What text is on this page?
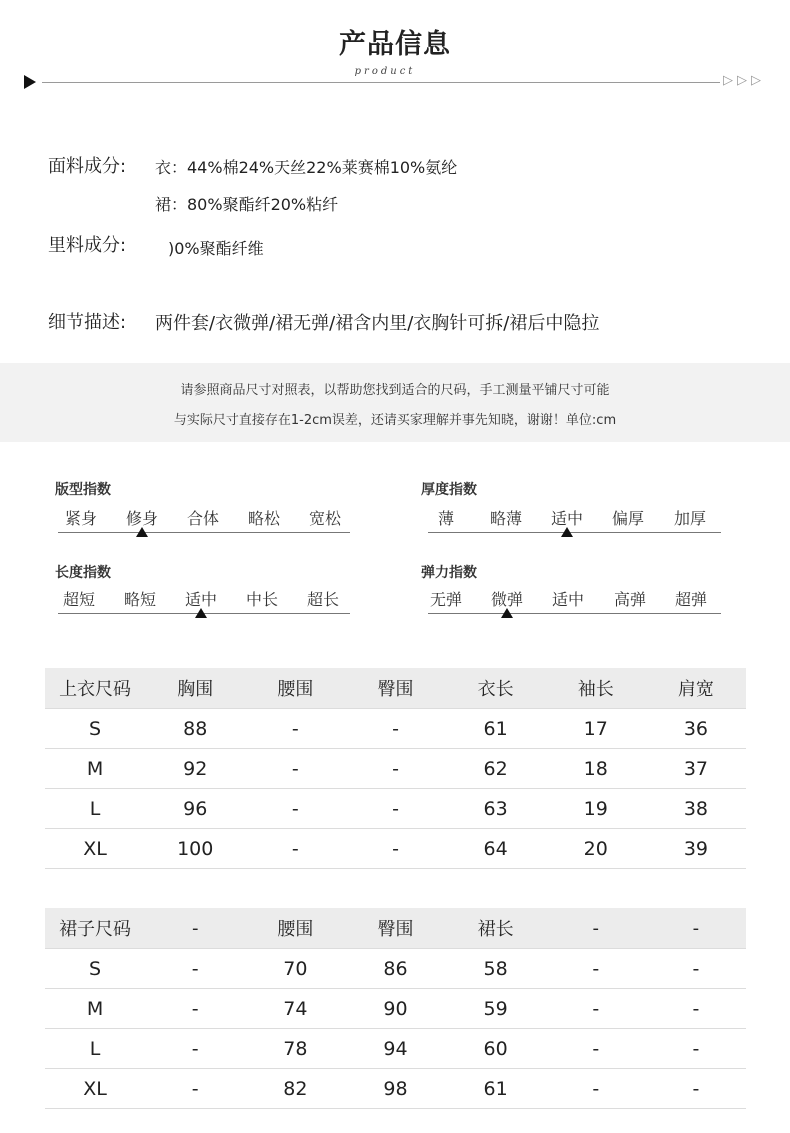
产品信息
product
▷▷▷
面料成分: 衣：44%棉24%天丝22%莱赛棉10%氨纶
裙：80%聚酯纤20%粘纤
里料成分:	)0%聚酯纤维
细节描述: 两件套/衣微弹/裙无弹/裙含内里/衣胸针可拆/裙后中隐拉
请参照商品尺寸对照表，以帮助您找到适合的尺码，手工测量平铺尺寸可能
与实际尺寸直接存在1-2cm误差，还请买家理解并事先知晓，谢谢！单位:cm
版型指数
紧身	修身	合体	略松	宽松
厚度指数
薄	略薄	适中	偏厚	加厚
长度指数
超短	略短	适中	中长	超长
弹力指数
无弹	微弹	适中	高弹	超弹
上衣尺码	胸围	腰围	臀围	衣长	袖长	肩宽
S	88	-	-	61	17	36
M	92	-	-	62	18	37
L	96	-	-	63	19	38
XL	100	-	-	64	20	39
裙子尺码	-	腰围	臀围	裙长	-	-
S	-	70	86	58	-	-
M	-	74	90	59	-	-
L	-	78	94	60	-	-
XL	-	82	98	61	-	-
